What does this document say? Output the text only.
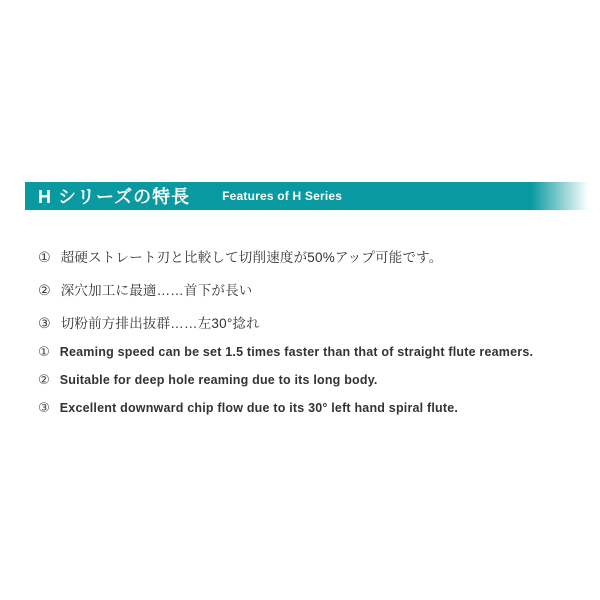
H シリーズの特長	Features of H Series
① 超硬ストレート刃と比較して切削速度が50%アップ可能です。
② 深穴加工に最適……首下が長い
③ 切粉前方排出抜群……左30°捻れ
① Reaming speed can be set 1.5 times faster than that of straight flute reamers.
② Suitable for deep hole reaming due to its long body.
③ Excellent downward chip flow due to its 30° left hand spiral flute.
